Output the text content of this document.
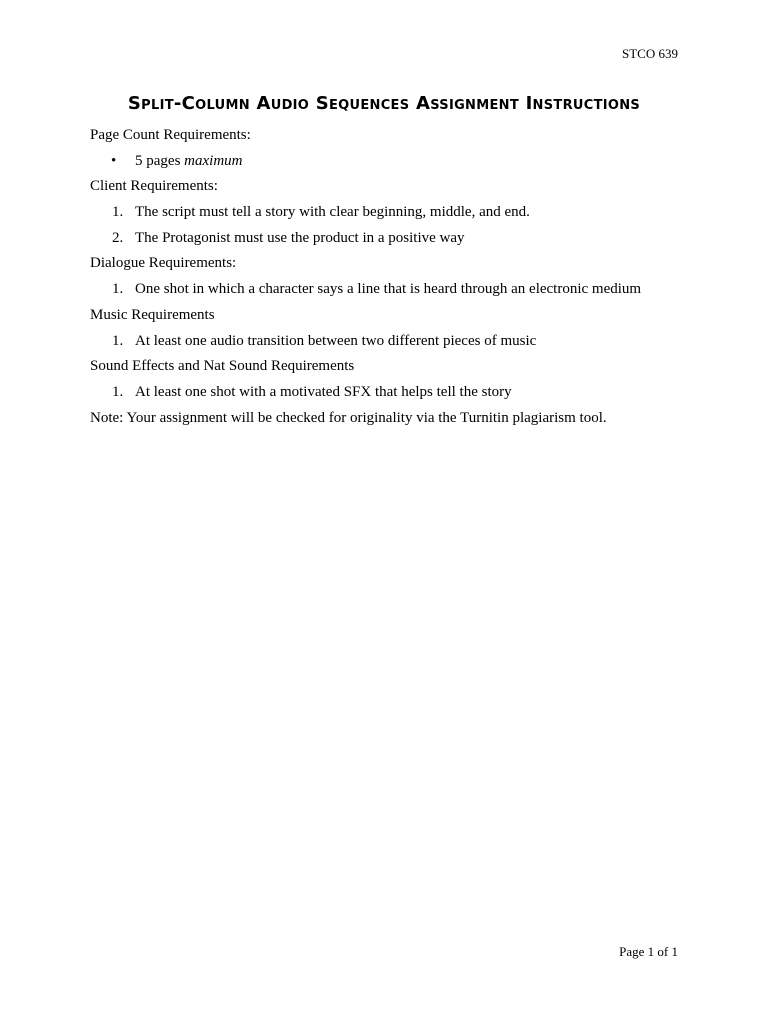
STCO 639
Split-Column Audio Sequences Assignment Instructions
Page Count Requirements:
• 5 pages maximum
Client Requirements:
1. The script must tell a story with clear beginning, middle, and end.
2. The Protagonist must use the product in a positive way
Dialogue Requirements:
1. One shot in which a character says a line that is heard through an electronic medium
Music Requirements
1. At least one audio transition between two different pieces of music
Sound Effects and Nat Sound Requirements
1. At least one shot with a motivated SFX that helps tell the story
Note: Your assignment will be checked for originality via the Turnitin plagiarism tool.
Page 1 of 1
